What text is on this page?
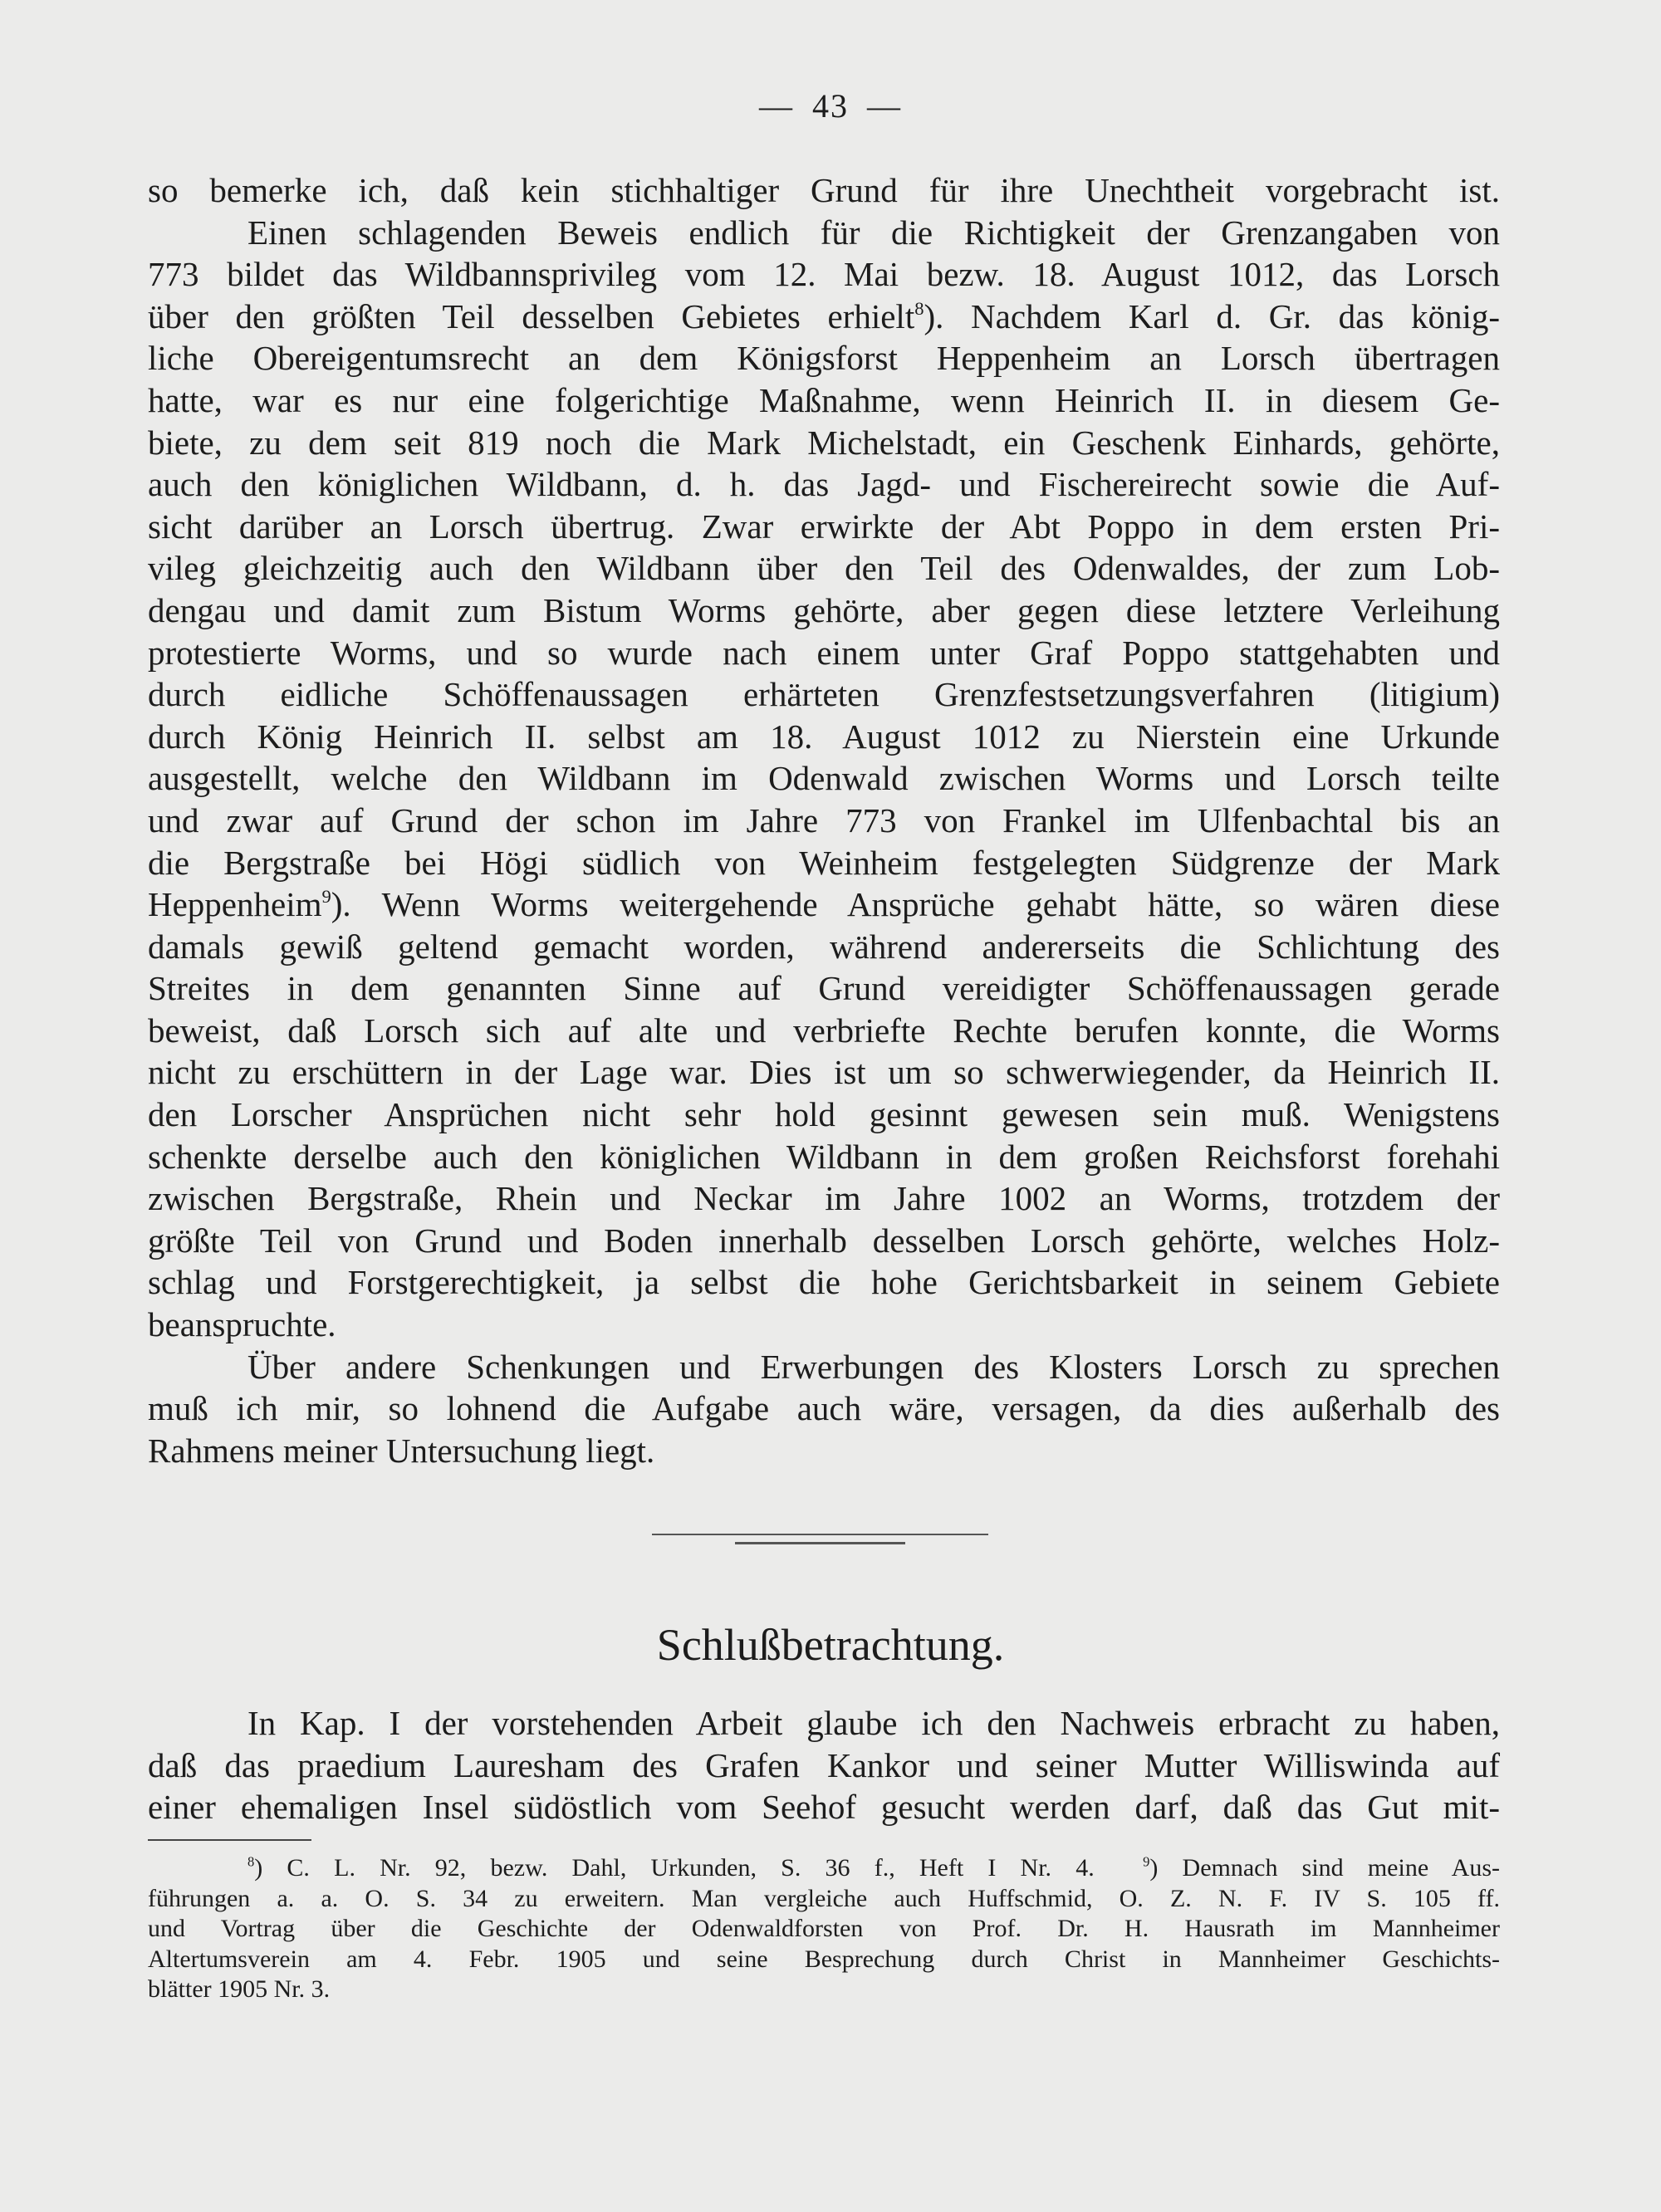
— 43 —
so bemerke ich, daß kein stichhaltiger Grund für ihre Unechtheit vorgebracht ist.
Einen schlagenden Beweis endlich für die Richtigkeit der Grenzangaben von
773 bildet das Wildbannsprivileg vom 12. Mai bezw. 18. August 1012, das Lorsch
über den größten Teil desselben Gebietes erhielt$^8$). Nachdem Karl d. Gr. das könig-
liche Obereigentumsrecht an dem Königsforst Heppenheim an Lorsch übertragen
hatte, war es nur eine folgerichtige Maßnahme, wenn Heinrich II. in diesem Ge-
biete, zu dem seit 819 noch die Mark Michelstadt, ein Geschenk Einhards, gehörte,
auch den königlichen Wildbann, d. h. das Jagd- und Fischereirecht sowie die Auf-
sicht darüber an Lorsch übertrug. Zwar erwirkte der Abt Poppo in dem ersten Pri-
vileg gleichzeitig auch den Wildbann über den Teil des Odenwaldes, der zum Lob-
dengau und damit zum Bistum Worms gehörte, aber gegen diese letztere Verleihung
protestierte Worms, und so wurde nach einem unter Graf Poppo stattgehabten und
durch eidliche Schöffenaussagen erhärteten Grenzfestsetzungsverfahren (litigium)
durch König Heinrich II. selbst am 18. August 1012 zu Nierstein eine Urkunde
ausgestellt, welche den Wildbann im Odenwald zwischen Worms und Lorsch teilte
und zwar auf Grund der schon im Jahre 773 von Frankel im Ulfenbachtal bis an
die Bergstraße bei Högi südlich von Weinheim festgelegten Südgrenze der Mark
Heppenheim$^9$). Wenn Worms weitergehende Ansprüche gehabt hätte, so wären diese
damals gewiß geltend gemacht worden, während andererseits die Schlichtung des
Streites in dem genannten Sinne auf Grund vereidigter Schöffenaussagen gerade
beweist, daß Lorsch sich auf alte und verbriefte Rechte berufen konnte, die Worms
nicht zu erschüttern in der Lage war. Dies ist um so schwerwiegender, da Heinrich II.
den Lorscher Ansprüchen nicht sehr hold gesinnt gewesen sein muß. Wenigstens
schenkte derselbe auch den königlichen Wildbann in dem großen Reichsforst forehahi
zwischen Bergstraße, Rhein und Neckar im Jahre 1002 an Worms, trotzdem der
größte Teil von Grund und Boden innerhalb desselben Lorsch gehörte, welches Holz-
schlag und Forstgerechtigkeit, ja selbst die hohe Gerichtsbarkeit in seinem Gebiete
beanspruchte.
Über andere Schenkungen und Erwerbungen des Klosters Lorsch zu sprechen
muß ich mir, so lohnend die Aufgabe auch wäre, versagen, da dies außerhalb des
Rahmens meiner Untersuchung liegt.
Schlußbetrachtung.
In Kap. I der vorstehenden Arbeit glaube ich den Nachweis erbracht zu haben,
daß das praedium Lauresham des Grafen Kankor und seiner Mutter Williswinda auf
einer ehemaligen Insel südöstlich vom Seehof gesucht werden darf, daß das Gut mit-
$^8$) C. L. Nr. 92, bezw. Dahl, Urkunden, S. 36 f., Heft I Nr. 4.	$^9$) Demnach sind meine Aus-
führungen a. a. O. S. 34 zu erweitern. Man vergleiche auch Huffschmid, O. Z. N. F. IV S. 105 ff.
und Vortrag über die Geschichte der Odenwaldforsten von Prof. Dr. H. Hausrath im Mannheimer
Altertumsverein am 4. Febr. 1905 und seine Besprechung durch Christ in Mannheimer Geschichts-
blätter 1905 Nr. 3.
